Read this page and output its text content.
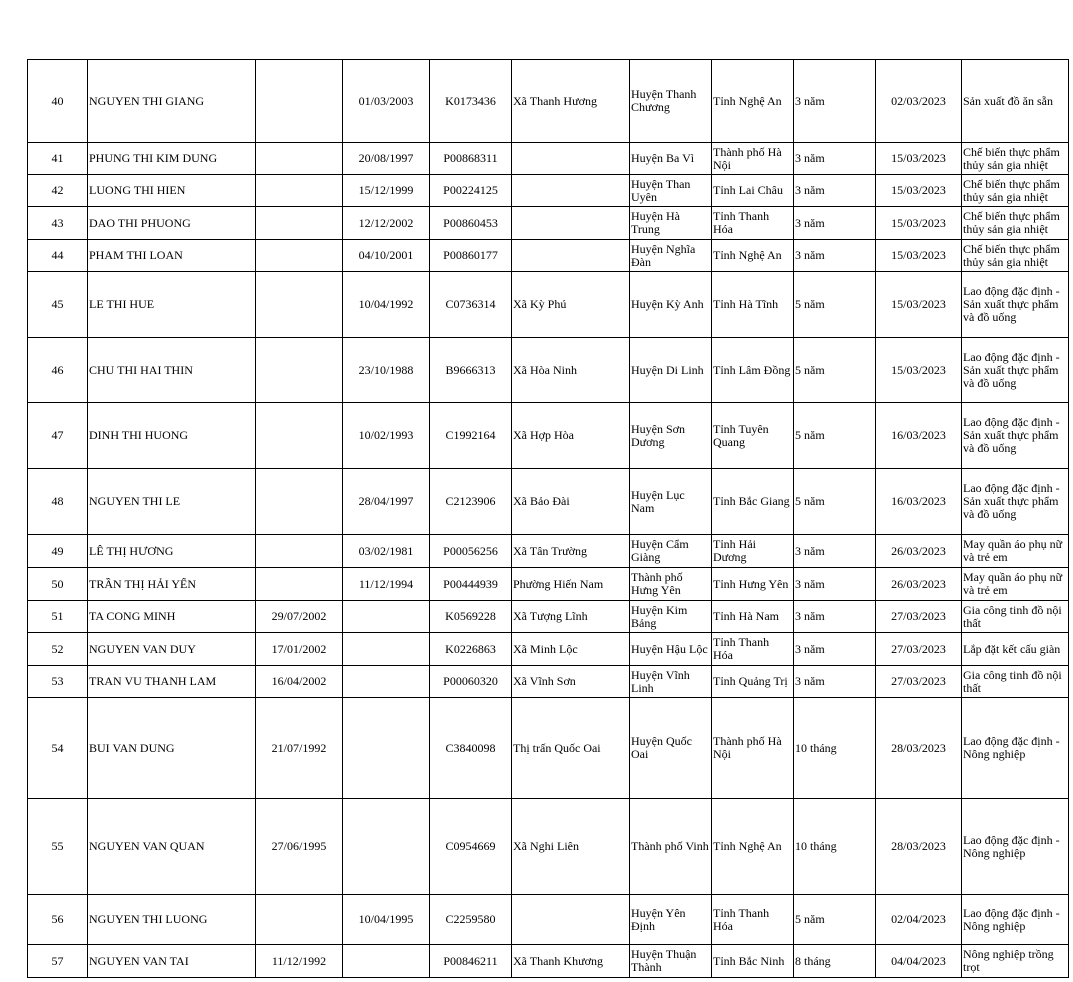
40	NGUYEN THI GIANG		01/03/2003	K0173436	Xã Thanh Hương	Huyện Thanh Chương	Tỉnh Nghệ An	3 năm	02/03/2023	Sản xuất đồ ăn sẵn

41	PHUNG THI KIM DUNG		20/08/1997	P00868311		Huyện Ba Vì	Thành phố Hà Nội	3 năm	15/03/2023	Chế biến thực phẩm thủy sản gia nhiệt

42	LUONG THI HIEN		15/12/1999	P00224125		Huyện Than Uyên	Tỉnh Lai Châu	3 năm	15/03/2023	Chế biến thực phẩm thủy sản gia nhiệt

43	DAO THI PHUONG		12/12/2002	P00860453		Huyện Hà Trung	Tỉnh Thanh Hóa	3 năm	15/03/2023	Chế biến thực phẩm thủy sản gia nhiệt

44	PHAM THI LOAN		04/10/2001	P00860177		Huyện Nghĩa Đàn	Tỉnh Nghệ An	3 năm	15/03/2023	Chế biến thực phẩm thủy sản gia nhiệt

45	LE THI HUE		10/04/1992	C0736314	Xã Kỳ Phú	Huyện Kỳ Anh	Tỉnh Hà Tĩnh	5 năm	15/03/2023	Lao động đặc định - Sản xuất thực phẩm và đồ uống

46	CHU THI HAI THIN		23/10/1988	B9666313	Xã Hòa Ninh	Huyện Di Linh	Tỉnh Lâm Đồng	5 năm	15/03/2023	Lao động đặc định - Sản xuất thực phẩm và đồ uống

47	DINH THI HUONG		10/02/1993	C1992164	Xã Hợp Hòa	Huyện Sơn Dương	Tỉnh Tuyên Quang	5 năm	16/03/2023	Lao động đặc định - Sản xuất thực phẩm và đồ uống

48	NGUYEN THI LE		28/04/1997	C2123906	Xã Bảo Đài	Huyện Lục Nam	Tỉnh Bắc Giang	5 năm	16/03/2023	Lao động đặc định - Sản xuất thực phẩm và đồ uống

49	LÊ THỊ HƯƠNG		03/02/1981	P00056256	Xã Tân Trường	Huyện Cẩm Giàng	Tỉnh Hải Dương	3 năm	26/03/2023	May quần áo phụ nữ và trẻ em

50	TRẦN THỊ HẢI YẾN		11/12/1994	P00444939	Phường Hiến Nam	Thành phố Hưng Yên	Tỉnh Hưng Yên	3 năm	26/03/2023	May quần áo phụ nữ và trẻ em

51	TA CONG MINH	29/07/2002		K0569228	Xã Tượng Lĩnh	Huyện Kim Bảng	Tỉnh Hà Nam	3 năm	27/03/2023	Gia công tinh đồ nội thất

52	NGUYEN VAN DUY	17/01/2002		K0226863	Xã Minh Lộc	Huyện Hậu Lộc	Tỉnh Thanh Hóa	3 năm	27/03/2023	Lắp đặt kết cấu giàn

53	TRAN VU THANH LAM	16/04/2002		P00060320	Xã Vĩnh Sơn	Huyện Vĩnh Linh	Tỉnh Quảng Trị	3 năm	27/03/2023	Gia công tinh đồ nội thất

54	BUI VAN DUNG	21/07/1992		C3840098	Thị trấn Quốc Oai	Huyện Quốc Oai	Thành phố Hà Nội	10 tháng	28/03/2023	Lao động đặc định - Nông nghiệp

55	NGUYEN VAN QUAN	27/06/1995		C0954669	Xã Nghi Liên	Thành phố Vinh	Tỉnh Nghệ An	10 tháng	28/03/2023	Lao động đặc định - Nông nghiệp

56	NGUYEN THI LUONG		10/04/1995	C2259580		Huyện Yên Định	Tỉnh Thanh Hóa	5 năm	02/04/2023	Lao động đặc định - Nông nghiệp

57	NGUYEN VAN TAI	11/12/1992		P00846211	Xã Thanh Khương	Huyện Thuận Thành	Tỉnh Bắc Ninh	8 tháng	04/04/2023	Nông nghiệp trồng trọt
